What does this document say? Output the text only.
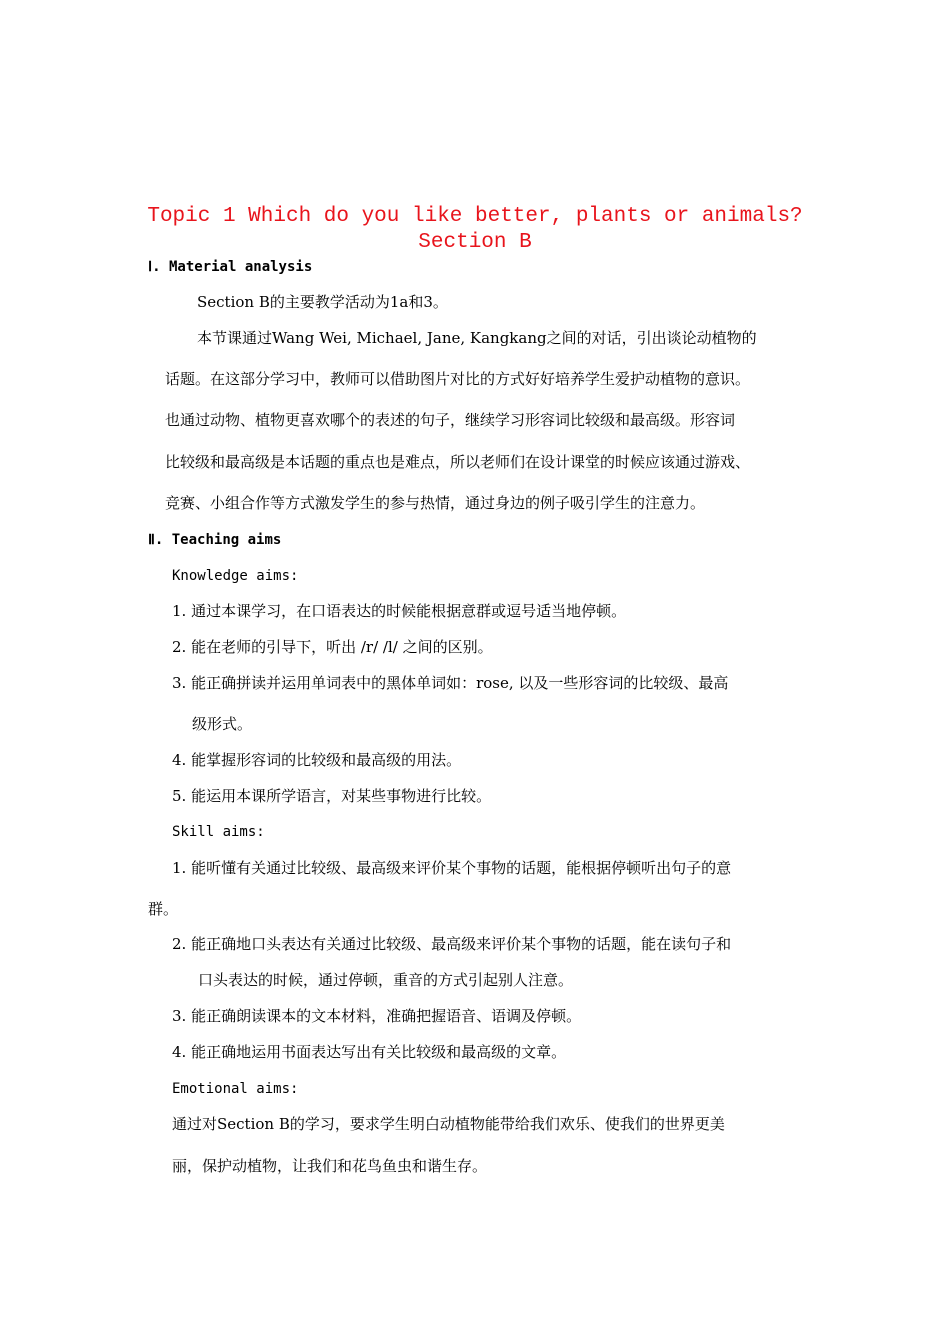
Topic 1 Which do you like better, plants or animals?
Section B
Ⅰ. Material analysis
Section B的主要教学活动为1a和3。
本节课通过Wang Wei, Michael, Jane, Kangkang之间的对话，引出谈论动植物的
话题。在这部分学习中，教师可以借助图片对比的方式好好培养学生爱护动植物的意识。
也通过动物、植物更喜欢哪个的表述的句子，继续学习形容词比较级和最高级。形容词
比较级和最高级是本话题的重点也是难点，所以老师们在设计课堂的时候应该通过游戏、
竞赛、小组合作等方式激发学生的参与热情，通过身边的例子吸引学生的注意力。
Ⅱ. Teaching aims
Knowledge aims:
1. 通过本课学习，在口语表达的时候能根据意群或逗号适当地停顿。
2. 能在老师的引导下，听出 /r/ /l/ 之间的区别。
3. 能正确拼读并运用单词表中的黑体单词如：rose, 以及一些形容词的比较级、最高
级形式。
4. 能掌握形容词的比较级和最高级的用法。
5. 能运用本课所学语言，对某些事物进行比较。
Skill aims:
1. 能听懂有关通过比较级、最高级来评价某个事物的话题，能根据停顿听出句子的意
群。
2. 能正确地口头表达有关通过比较级、最高级来评价某个事物的话题，能在读句子和
口头表达的时候，通过停顿，重音的方式引起别人注意。
3. 能正确朗读课本的文本材料，准确把握语音、语调及停顿。
4. 能正确地运用书面表达写出有关比较级和最高级的文章。
Emotional aims:
通过对Section B的学习，要求学生明白动植物能带给我们欢乐、使我们的世界更美
丽，保护动植物，让我们和花鸟鱼虫和谐生存。
